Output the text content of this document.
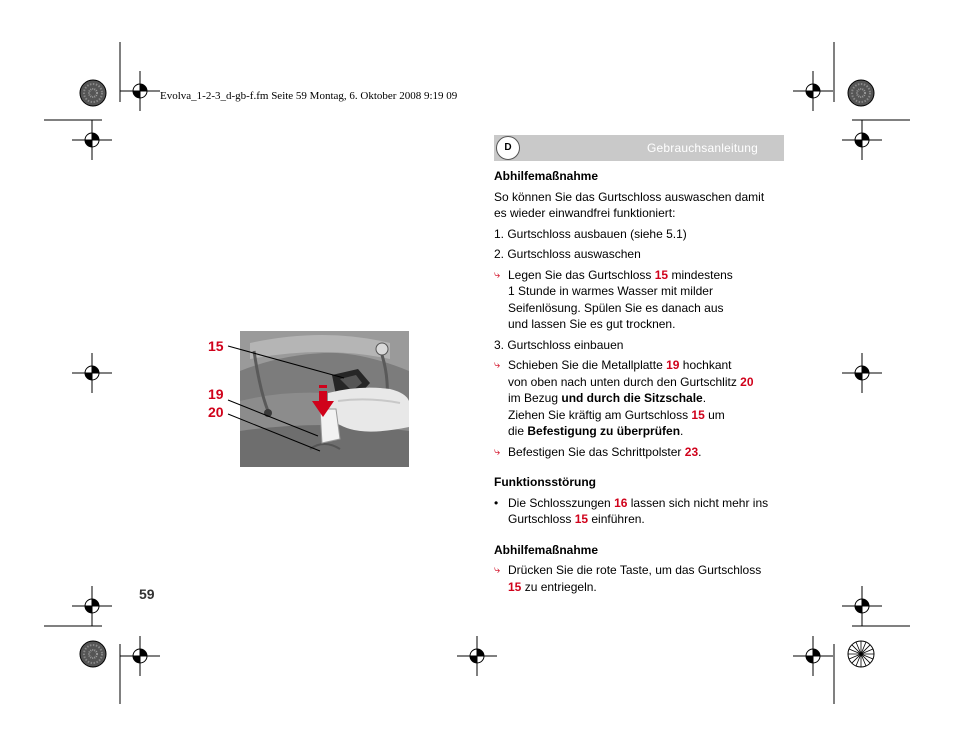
Evolva_1-2-3_d-gb-f.fm Seite 59 Montag, 6. Oktober 2008 9:19 09
D	Gebrauchsanleitung

Abhilfemaßnahme

So können Sie das Gurtschloss auswaschen damit

es wieder einwandfrei funktioniert:

1. Gurtschloss ausbauen (siehe 5.1)

2. Gurtschloss auswaschen

⤷ Legen Sie das Gurtschloss 15 mindestens
1 Stunde in warmes Wasser mit milder
Seifenlösung. Spülen Sie es danach aus
und lassen Sie es gut trocknen.

3. Gurtschloss einbauen

⤷ Schieben Sie die Metallplatte 19 hochkant
von oben nach unten durch den Gurtschlitz 20
im Bezug und durch die Sitzschale.
Ziehen Sie kräftig am Gurtschloss 15 um
die Befestigung zu überprüfen.
⤷ Befestigen Sie das Schrittpolster 23.

Funktionsstörung

• Die Schlosszungen 16 lassen sich nicht mehr ins
Gurtschloss 15 einführen.

Abhilfemaßnahme

⤷ Drücken Sie die rote Taste, um das Gurtschloss
15 zu entriegeln.
15
19
20
59
